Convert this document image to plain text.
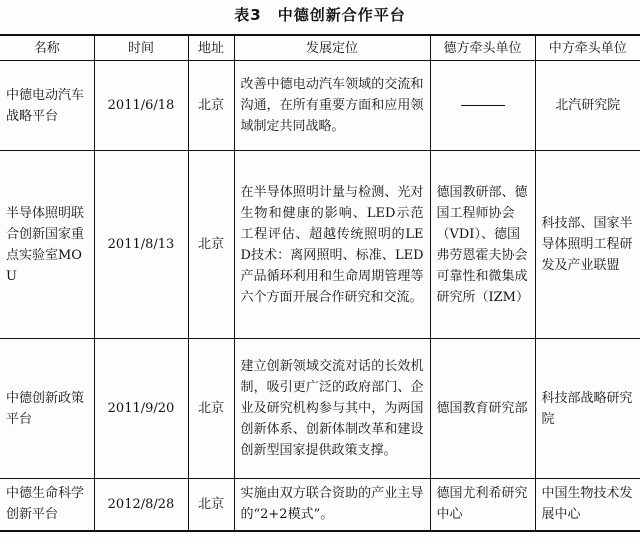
表3　中德创新合作平台
名称	时间	地址	发展定位	德方牵头单位	中方牵头单位
中德电动汽车战略平台	2011/6/18	北京	改善中德电动汽车领域的交流和沟通，在所有重要方面和应用领域制定共同战略。		北汽研究院
半导体照明联合创新国家重点实验室MOU	2011/8/13	北京	在半导体照明计量与检测、光对生物和健康的影响、LED示范工程评估、超越传统照明的LED技术：离网照明、标准、LED产品循环利用和生命周期管理等六个方面开展合作研究和交流。	德国教研部、德国工程师协会（VDI）、德国弗劳恩霍夫协会可靠性和微集成研究所（IZM）	科技部、国家半导体照明工程研发及产业联盟
中德创新政策平台	2011/9/20	北京	建立创新领域交流对话的长效机制，吸引更广泛的政府部门、企业及研究机构参与其中，为两国创新体系、创新体制改革和建设创新型国家提供政策支撑。	德国教育研究部	科技部战略研究院
中德生命科学创新平台	2012/8/28	北京	实施由双方联合资助的产业主导的“2+2模式”。	德国尤利希研究中心	中国生物技术发展中心
